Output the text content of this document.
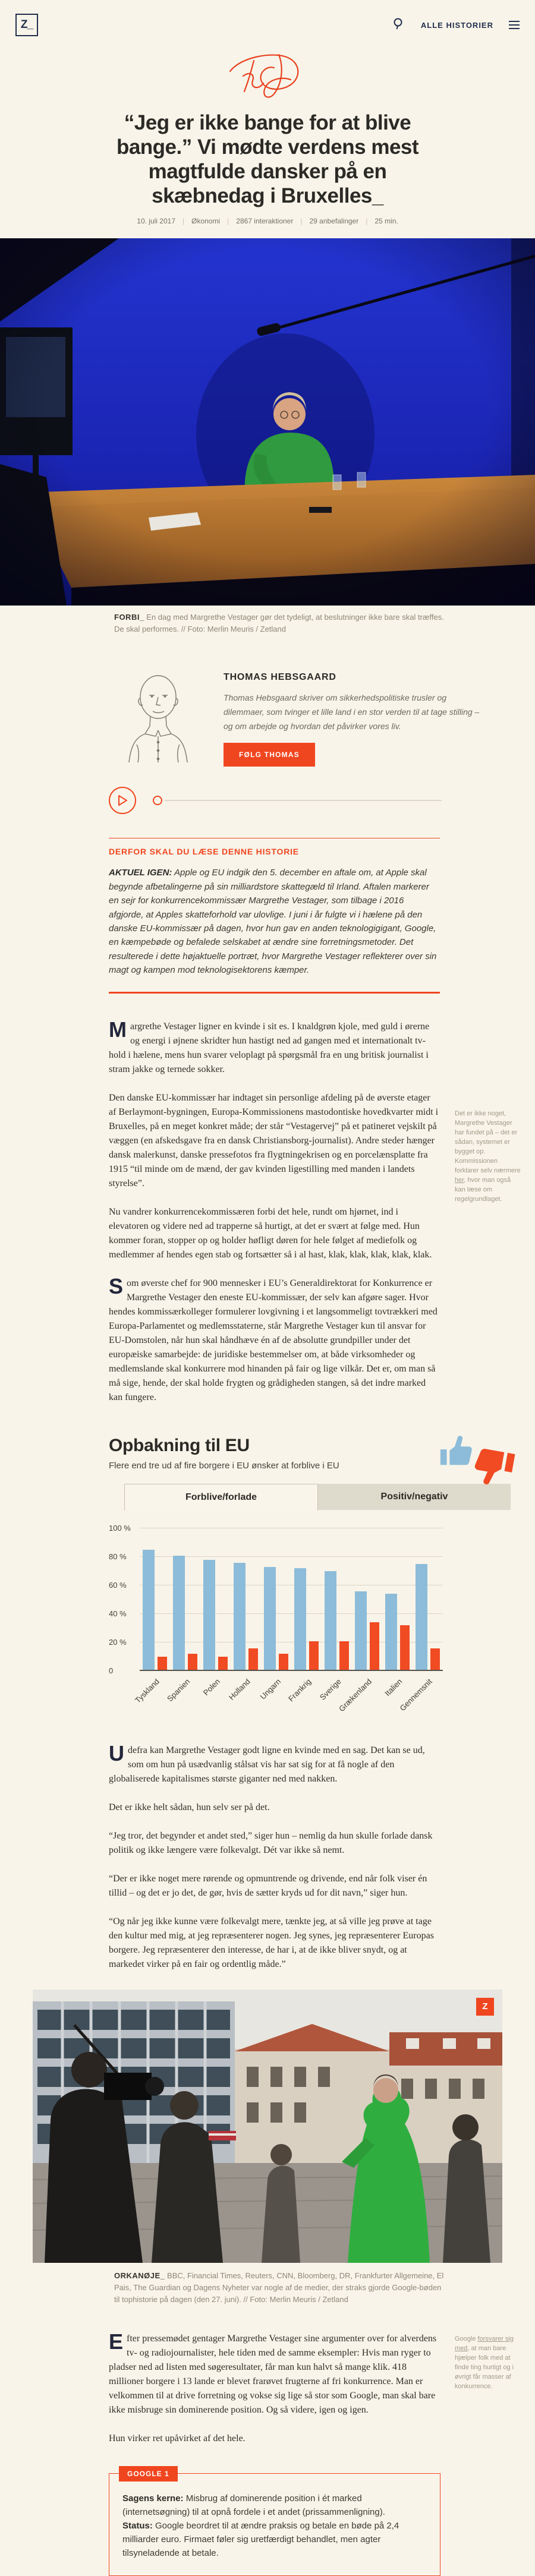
Z_	ALLE HISTORIER
“Jeg er ikke bange for at blive bange.” Vi mødte verdens mest magtfulde dansker på en skæbnedag i Bruxelles_
10. juli 2017 | Økonomi | 2867 interaktioner | 29 anbefalinger | 25 min.
FORBI_ En dag med Margrethe Vestager gør det tydeligt, at beslutninger ikke bare skal træffes. De skal performes. // Foto: Merlin Meuris / Zetland
THOMAS HEBSGAARD

Thomas Hebsgaard skriver om sikkerhedspolitiske trusler og dilemmaer, som tvinger et lille land i en stor verden til at tage stilling – og om arbejde og hvordan det påvirker vores liv.

FØLG THOMAS
DERFOR SKAL DU LÆSE DENNE HISTORIE

AKTUEL IGEN: Apple og EU indgik den 5. december en aftale om, at Apple skal begynde afbetalingerne på sin milliardstore skattegæld til Irland. Aftalen markerer en sejr for konkurrencekommissær Margrethe Vestager, som tilbage i 2016 afgjorde, at Apples skatteforhold var ulovlige. I juni i år fulgte vi i hælene på den danske EU-kommissær på dagen, hvor hun gav en anden teknologigigant, Google, en kæmpebøde og befalede selskabet at ændre sine forretningsmetoder. Det resulterede i dette højaktuelle portræt, hvor Margrethe Vestager reflekterer over sin magt og kampen mod teknologisektorens kæmper.

Margrethe Vestager ligner en kvinde i sit es. I knaldgrøn kjole, med guld i ørerne og energi i øjnene skridter hun hastigt ned ad gangen med et internationalt tv-hold i hælene, mens hun svarer veloplagt på spørgsmål fra en ung britisk journalist i stram jakke og ternede sokker.

Den danske EU-kommissær har indtaget sin personlige afdeling på de øverste etager af Berlaymont-bygningen, Europa-Kommissionens mastodontiske hovedkvarter midt i Bruxelles, på en meget konkret måde; der står “Vestagervej” på et patineret vejskilt på væggen (en afskedsgave fra en dansk Christiansborg-journalist). Andre steder hænger dansk malerkunst, danske pressefotos fra flygtningekrisen og en porcelænsplatte fra 1915 “til minde om de mænd, der gav kvinden ligestilling med manden i landets styrelse”.

Nu vandrer konkurrencekommissæren forbi det hele, rundt om hjørnet, ind i elevatoren og videre ned ad trapperne så hurtigt, at det er svært at følge med. Hun kommer foran, stopper op og holder høfligt døren for hele følget af mediefolk og medlemmer af hendes egen stab og fortsætter så i al hast, klak, klak, klak, klak, klak.

Som øverste chef for 900 mennesker i EU’s Generaldirektorat for Konkurrence er Margrethe Vestager den eneste EU-kommissær, der selv kan afgøre sager. Hvor hendes kommissærkolleger formulerer lovgivning i et langsommeligt tovtrækkeri med Europa-Parlamentet og medlemsstaterne, står Margrethe Vestager kun til ansvar for EU-Domstolen, når hun skal håndhæve én af de absolutte grundpiller under det europæiske samarbejde: de juridiske bestemmelser om, at både virksomheder og medlemslande skal konkurrere mod hinanden på fair og lige vilkår. Det er, om man så må sige, hende, der skal holde frygten og grådigheden stangen, så det indre marked kan fungere.

Det er ikke noget, Margrethe Vestager har fundet på – det er sådan, systemet er bygget op. Kommissionen forklarer selv nærmere her, hvor man også kan læse om regelgrundlaget.
Opbakning til EU

Flere end tre ud af fire borgere i EU ønsker at forblive i EU

Forblive/forlade	Positiv/negativ
100 %
80 %
60 %
40 %
20 %
0
Tyskland Spanien Polen Holland Ungarn Frankrig Sverige
Grækenland Italien
Gennemsnit

Udefra kan Margrethe Vestager godt ligne en kvinde med en sag. Det kan se ud, som om hun på usædvanlig stålsat vis har sat sig for at få nogle af den globaliserede kapitalismes største giganter ned med nakken.

Det er ikke helt sådan, hun selv ser på det.

“Jeg tror, det begynder et andet sted,” siger hun – nemlig da hun skulle forlade dansk politik og ikke længere være folkevalgt. Dét var ikke så nemt.

“Der er ikke noget mere rørende og opmuntrende og drivende, end når folk viser én tillid – og det er jo det, de gør, hvis de sætter kryds ud for dit navn,” siger hun.

“Og når jeg ikke kunne være folkevalgt mere, tænkte jeg, at så ville jeg prøve at tage den kultur med mig, at jeg repræsenterer nogen. Jeg synes, jeg repræsenterer Europas borgere. Jeg repræsenterer den interesse, de har i, at de ikke bliver snydt, og at markedet virker på en fair og ordentlig måde.”

Z
ORKANØJE_ BBC, Financial Times, Reuters, CNN, Bloomberg, DR, Frankfurter Allgemeine, El Pais, The Guardian og Dagens Nyheter var nogle af de medier, der straks gjorde Google-bøden til tophistorie på dagen (den 27. juni). // Foto: Merlin Meuris / Zetland

Efter pressemødet gentager Margrethe Vestager sine argumenter over for alverdens tv- og radiojournalister, hele tiden med de samme eksempler: Hvis man ryger to pladser ned ad listen med søgeresultater, får man kun halvt så mange klik. 418 millioner borgere i 13 lande er blevet frarøvet frugterne af fri konkurrence. Man er velkommen til at drive forretning og vokse sig lige så stor som Google, man skal bare ikke misbruge sin dominerende position. Og så videre, igen og igen.

Hun virker ret upåvirket af det hele.

Google forsvarer sig med, at man bare hjælper folk med at finde ting hurtigt og i øvrigt får masser af konkurrence.
GOOGLE 1

Sagens kerne: Misbrug af dominerende position i ét marked (internetsøgning) til at opnå fordele i et andet (prissammenligning).

Status: Google beordret til at ændre praksis og betale en bøde på 2,4 milliarder euro. Firmaet føler sig uretfærdigt behandlet, men agter tilsyneladende at betale.
